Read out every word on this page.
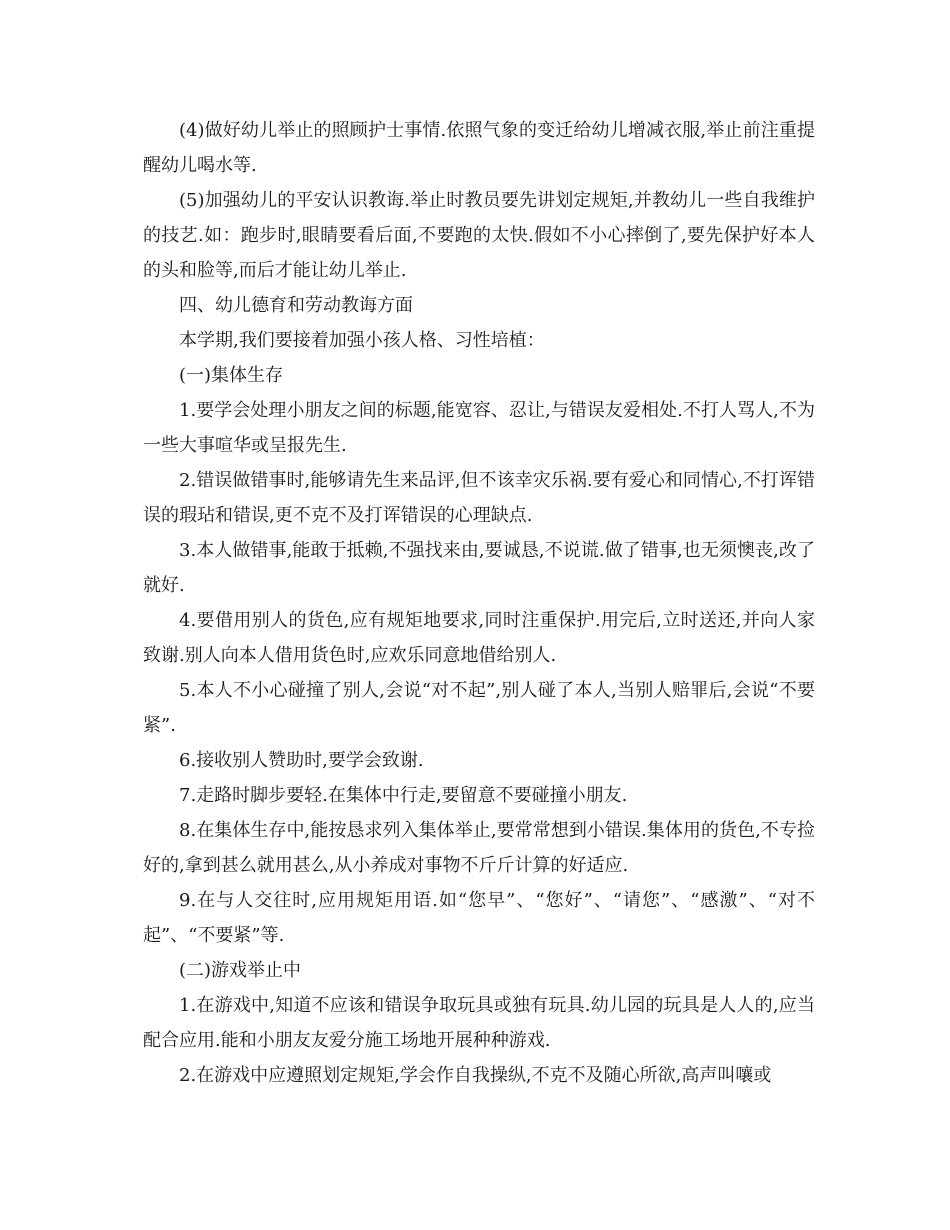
(4)做好幼儿举止的照顾护士事情.依照气象的变迁给幼儿增减衣服,举止前注重提醒幼儿喝水等.

(5)加强幼儿的平安认识教诲.举止时教员要先讲划定规矩,并教幼儿一些自我维护的技艺.如：跑步时,眼睛要看后面,不要跑的太快.假如不小心摔倒了,要先保护好本人的头和脸等,而后才能让幼儿举止.

四、幼儿德育和劳动教诲方面

本学期,我们要接着加强小孩人格、习性培植：

(一)集体生存

1.要学会处理小朋友之间的标题,能宽容、忍让,与错误友爱相处.不打人骂人,不为一些大事喧华或呈报先生.

2.错误做错事时,能够请先生来品评,但不该幸灾乐祸.要有爱心和同情心,不打诨错误的瑕玷和错误,更不克不及打诨错误的心理缺点.

3.本人做错事,能敢于抵赖,不强找来由,要诚恳,不说谎.做了错事,也无须懊丧,改了就好.

4.要借用别人的货色,应有规矩地要求,同时注重保护.用完后,立时送还,并向人家致谢.别人向本人借用货色时,应欢乐同意地借给别人.

5.本人不小心碰撞了别人,会说“对不起”,别人碰了本人,当别人赔罪后,会说“不要紧”.

6.接收别人赞助时,要学会致谢.

7.走路时脚步要轻.在集体中行走,要留意不要碰撞小朋友.

8.在集体生存中,能按恳求列入集体举止,要常常想到小错误.集体用的货色,不专捡好的,拿到甚么就用甚么,从小养成对事物不斤斤计算的好适应.

9.在与人交往时,应用规矩用语.如“您早”、“您好”、“请您”、“感激”、“对不起”、“不要紧”等.

(二)游戏举止中

1.在游戏中,知道不应该和错误争取玩具或独有玩具.幼儿园的玩具是人人的,应当配合应用.能和小朋友友爱分施工场地开展种种游戏.

2.在游戏中应遵照划定规矩,学会作自我操纵,不克不及随心所欲,高声叫嚷或
